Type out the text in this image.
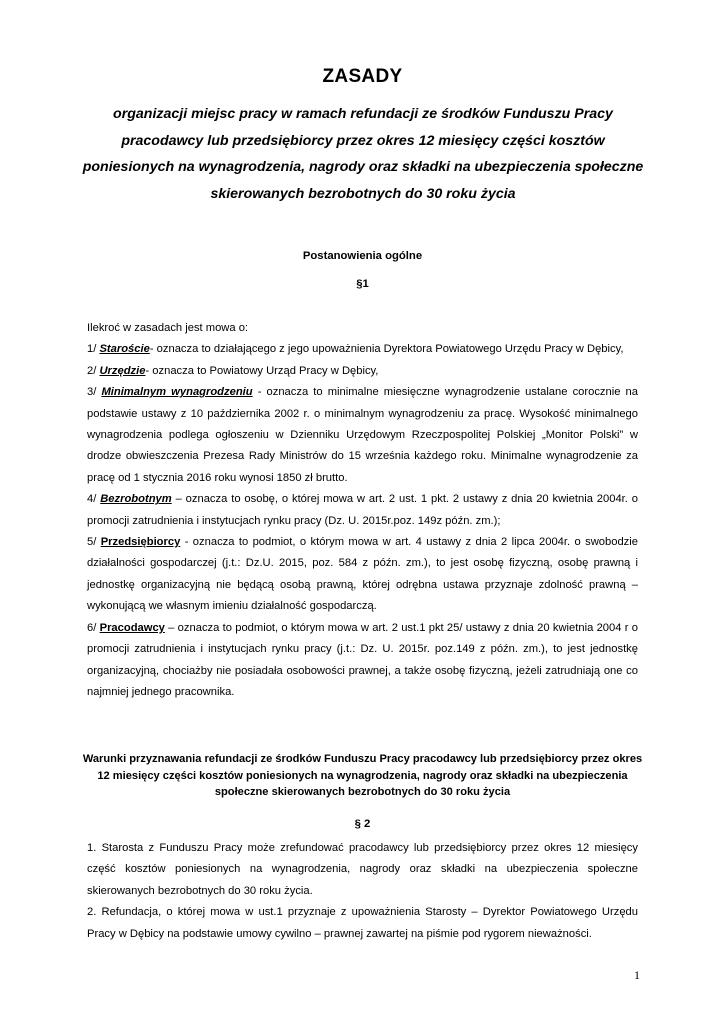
ZASADY
organizacji miejsc pracy w ramach refundacji ze środków Funduszu Pracy pracodawcy lub przedsiębiorcy przez okres 12 miesięcy części kosztów poniesionych na wynagrodzenia, nagrody oraz składki na ubezpieczenia społeczne skierowanych bezrobotnych do 30 roku życia
Postanowienia ogólne
§1

Ilekroć w zasadach jest mowa o:

1/ Staroście- oznacza to działającego z jego upoważnienia Dyrektora Powiatowego Urzędu Pracy w Dębicy,

2/ Urzędzie- oznacza to Powiatowy Urząd Pracy w Dębicy,

3/ Minimalnym wynagrodzeniu - oznacza to minimalne miesięczne wynagrodzenie ustalane corocznie na podstawie ustawy z 10 października 2002 r. o minimalnym wynagrodzeniu za pracę. Wysokość minimalnego wynagrodzenia podlega ogłoszeniu w Dzienniku Urzędowym Rzeczpospolitej Polskiej „Monitor Polski” w drodze obwieszczenia Prezesa Rady Ministrów do 15 września każdego roku. Minimalne wynagrodzenie za pracę od 1 stycznia 2016 roku wynosi 1850 zł brutto.

4/ Bezrobotnym – oznacza to osobę, o której mowa w art. 2 ust. 1 pkt. 2 ustawy z dnia 20 kwietnia 2004r. o promocji zatrudnienia i instytucjach rynku pracy (Dz. U. 2015r.poz. 149z późn. zm.);

5/ Przedsiębiorcy - oznacza to podmiot, o którym mowa w art. 4 ustawy z dnia 2 lipca 2004r. o swobodzie działalności gospodarczej (j.t.: Dz.U. 2015, poz. 584 z późn. zm.), to jest osobę fizyczną, osobę prawną i jednostkę organizacyjną nie będącą osobą prawną, której odrębna ustawa przyznaje zdolność prawną – wykonującą we własnym imieniu działalność gospodarczą.

6/ Pracodawcy – oznacza to podmiot, o którym mowa w art. 2 ust.1 pkt 25/ ustawy z dnia 20 kwietnia 2004 r o promocji zatrudnienia i instytucjach rynku pracy (j.t.: Dz. U. 2015r. poz.149 z późn. zm.), to jest jednostkę organizacyjną, chociażby nie posiadała osobowości prawnej, a także osobę fizyczną, jeżeli zatrudniają one co najmniej jednego pracownika.

Warunki przyznawania refundacji ze środków Funduszu Pracy pracodawcy lub przedsiębiorcy przez okres 12 miesięcy części kosztów poniesionych na wynagrodzenia, nagrody oraz składki na ubezpieczenia społeczne skierowanych bezrobotnych do 30 roku życia
§ 2

1. Starosta z Funduszu Pracy może zrefundować pracodawcy lub przedsiębiorcy przez okres 12 miesięcy część kosztów poniesionych na wynagrodzenia, nagrody oraz składki na ubezpieczenia społeczne skierowanych bezrobotnych do 30 roku życia.

2. Refundacja, o której mowa w ust.1 przyznaje z upoważnienia Starosty – Dyrektor Powiatowego Urzędu Pracy w Dębicy na podstawie umowy cywilno – prawnej zawartej na piśmie pod rygorem nieważności.

1
